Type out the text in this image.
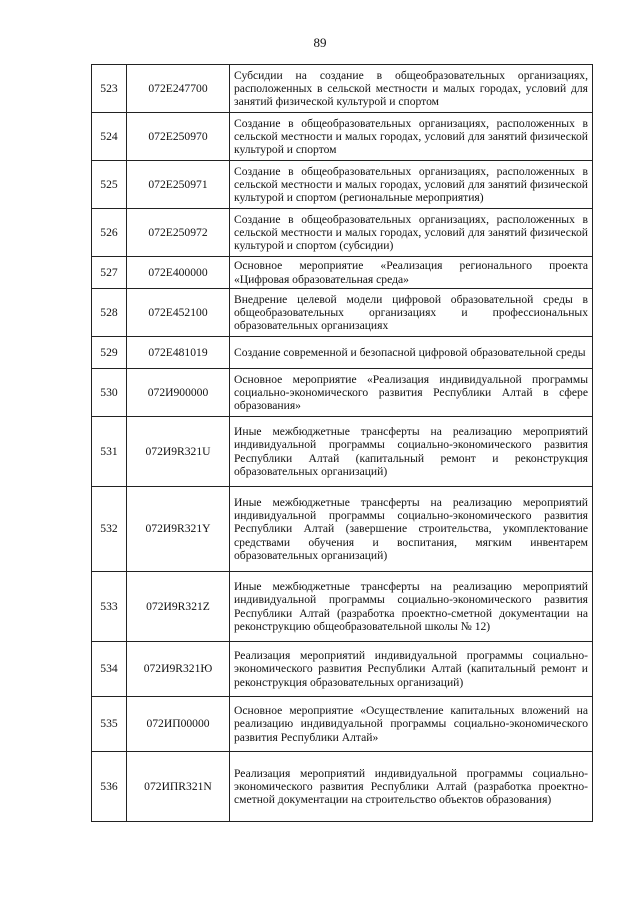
89
523	072E247700	Субсидии на создание в общеобразовательных организациях, расположенных в сельской местности и малых городах, условий для занятий физической культурой и спортом
524	072E250970	Создание в общеобразовательных организациях, расположенных в сельской местности и малых городах, условий для занятий физической культурой и спортом
525	072E250971	Создание в общеобразовательных организациях, расположенных в сельской местности и малых городах, условий для занятий физической культурой и спортом (региональные мероприятия)
526	072E250972	Создание в общеобразовательных организациях, расположенных в сельской местности и малых городах, условий для занятий физической культурой и спортом (субсидии)
527	072E400000	Основное мероприятие «Реализация регионального проекта «Цифровая образовательная среда»
528	072E452100	Внедрение целевой модели цифровой образовательной среды в общеобразовательных организациях и профессиональных образовательных организациях
529	072E481019	Создание современной и безопасной цифровой образовательной среды
530	072И900000	Основное мероприятие «Реализация индивидуальной программы социально-экономического развития Республики Алтай в сфере образования»
531	072И9R321U	Иные межбюджетные трансферты на реализацию мероприятий индивидуальной программы социально-экономического развития Республики Алтай (капитальный ремонт и реконструкция образовательных организаций)
532	072И9R321Y	Иные межбюджетные трансферты на реализацию мероприятий индивидуальной программы социально-экономического развития Республики Алтай (завершение строительства, укомплектование средствами обучения и воспитания, мягким инвентарем образовательных организаций)
533	072И9R321Z	Иные межбюджетные трансферты на реализацию мероприятий индивидуальной программы социально-экономического развития Республики Алтай (разработка проектно-сметной документации на реконструкцию общеобразовательной школы № 12)
534	072И9R321Ю	Реализация мероприятий индивидуальной программы социально-экономического развития Республики Алтай (капитальный ремонт и реконструкция образовательных организаций)
535	072ИП00000	Основное мероприятие «Осуществление капитальных вложений на реализацию индивидуальной программы социально-экономического развития Республики Алтай»
536	072ИПR321N	Реализация мероприятий индивидуальной программы социально-экономического развития Республики Алтай (разработка проектно-сметной документации на строительство объектов образования)
